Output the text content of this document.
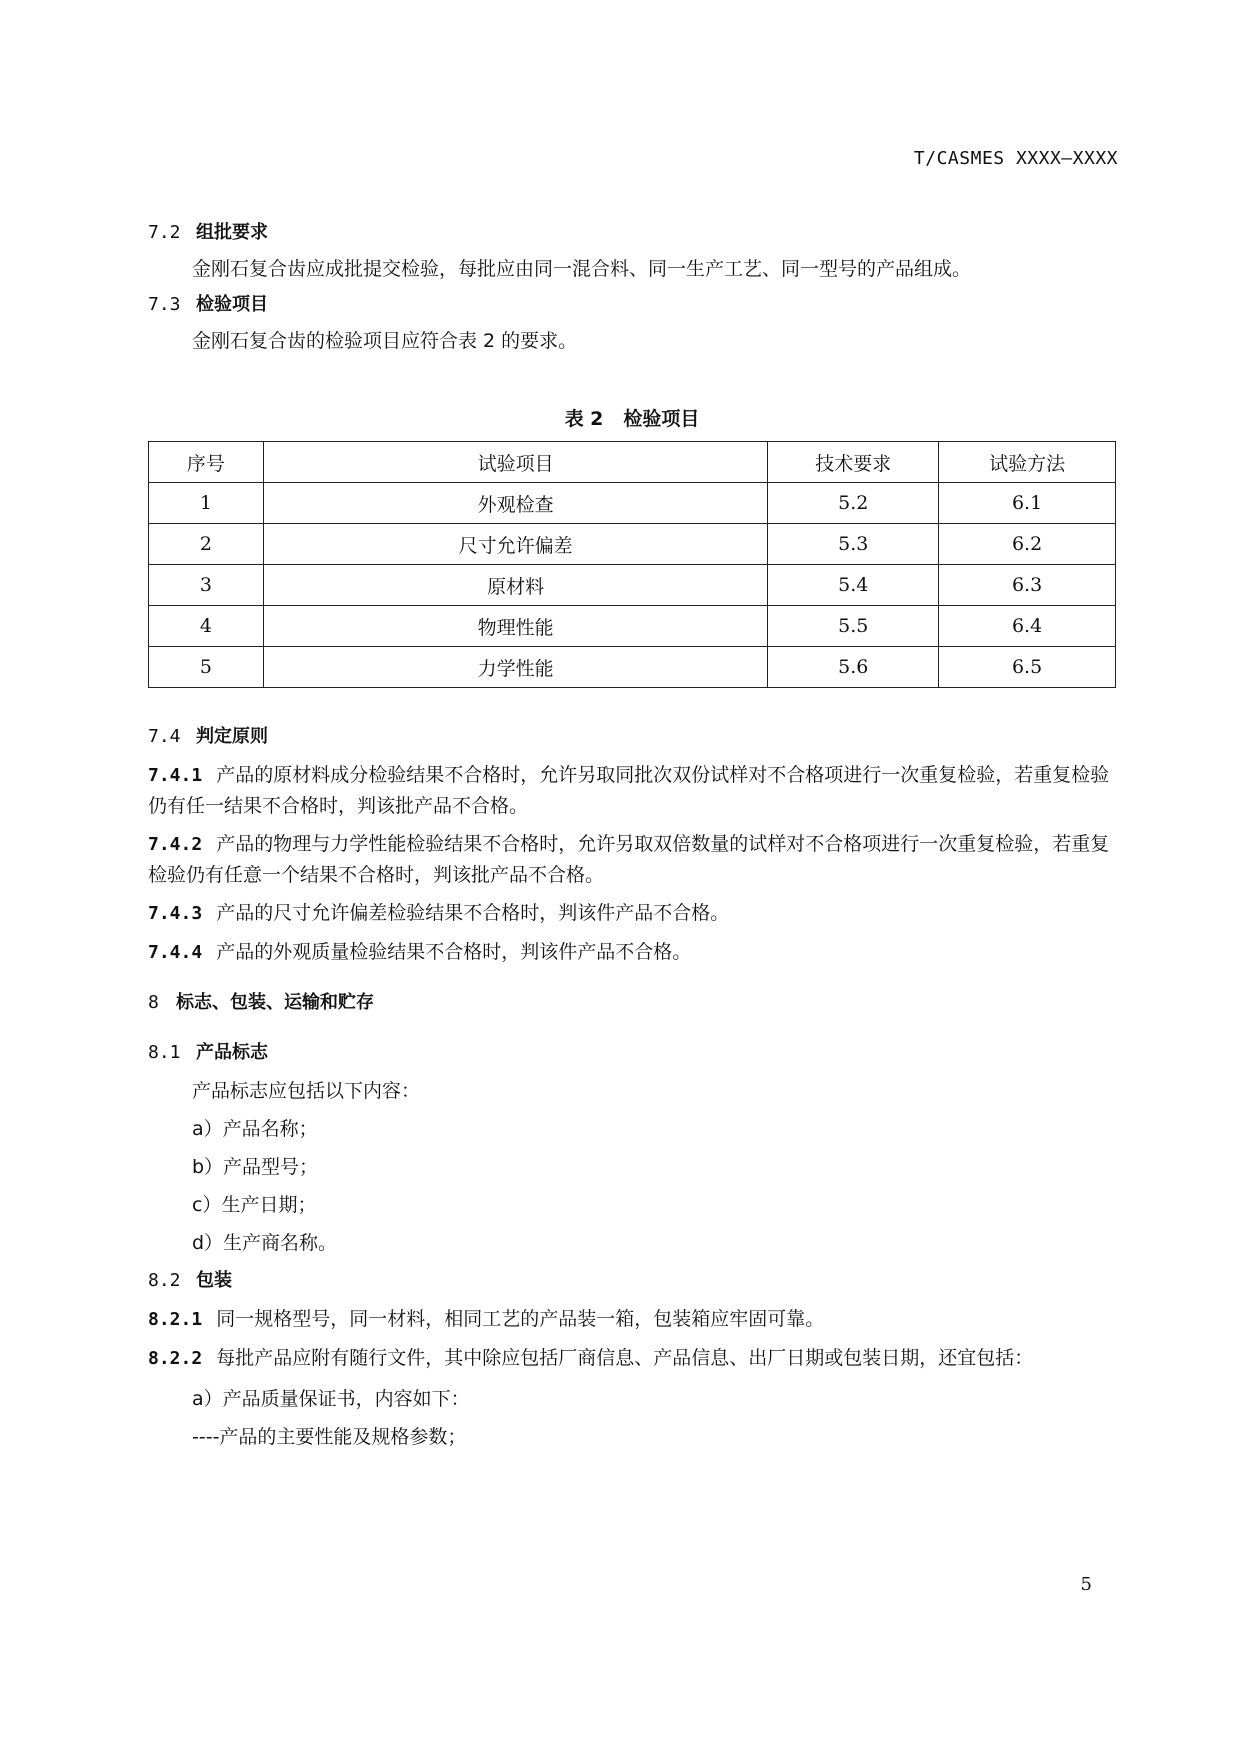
T/CASMES XXXX—XXXX

7.2 组批要求

金刚石复合齿应成批提交检验，每批应由同一混合料、同一生产工艺、同一型号的产品组成。

7.3 检验项目

金刚石复合齿的检验项目应符合表 2 的要求。

表 2 检验项目
序号	试验项目	技术要求	试验方法
1	外观检查	5.2	6.1
2	尺寸允许偏差	5.3	6.2
3	原材料	5.4	6.3
4	物理性能	5.5	6.4
5	力学性能	5.6	6.5

7.4 判定原则

7.4.1 产品的原材料成分检验结果不合格时，允许另取同批次双份试样对不合格项进行一次重复检验，若重复检验仍有任一结果不合格时，判该批产品不合格。

7.4.2 产品的物理与力学性能检验结果不合格时，允许另取双倍数量的试样对不合格项进行一次重复检验，若重复检验仍有任意一个结果不合格时，判该批产品不合格。

7.4.3 产品的尺寸允许偏差检验结果不合格时，判该件产品不合格。

7.4.4 产品的外观质量检验结果不合格时，判该件产品不合格。

8 标志、包装、运输和贮存

8.1 产品标志

产品标志应包括以下内容：

a）产品名称；

b）产品型号；

c）生产日期；

d）生产商名称。

8.2 包装

8.2.1 同一规格型号，同一材料，相同工艺的产品装一箱，包装箱应牢固可靠。

8.2.2 每批产品应附有随行文件，其中除应包括厂商信息、产品信息、出厂日期或包装日期，还宜包括：

a）产品质量保证书，内容如下：

----产品的主要性能及规格参数；

5
